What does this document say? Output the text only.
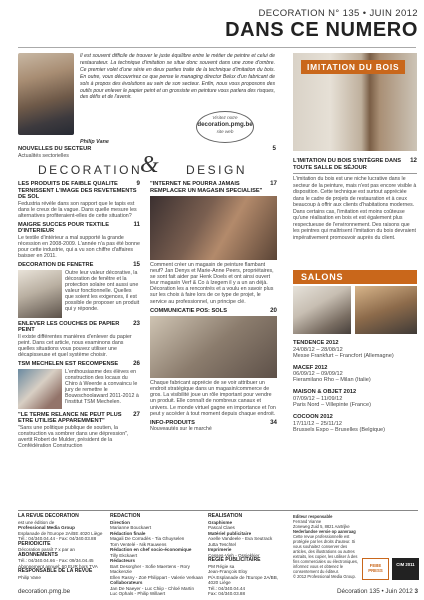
DECORATION N° 135 • JUIN 2012
DANS CE NUMERO
Il est souvent difficile de trouver le juste équilibre entre le métier de peintre et celui de restaurateur. La technique d'imitation se situe donc souvent dans une zone d'ombre. Ce premier volet d'une série en deux parties traite de la technique d'imitation du bois. En outre, vous découvrirez ce que pense le managing director Belux d'un fabricant de sols à propos des évolutions au sein de son secteur. Enfin, nous vous proposons des outils pour enlever le papier peint et un grossiste en peinture vous parlera des risques, des défis et de l'avenir.
Philip Vane
Visitez notre
decoration.pmg.be
site web
IMITATION DU BOIS
12
L'IMITATION DU BOIS S'INTÈGRE DANS TOUTE SALLE DE SÉJOUR
L'imitation du bois est une niche lucrative dans le secteur de la peinture, mais n'est pas encore visible à disposition. Cette technique est surtout appréciée dans le cadre de projets de restauration et à ceux beaucoup à offrir aux clients d'habitations modernes. Dans certains cas, l'imitation est moins coûteuse qu'une réalisation en bois et est également plus respectueuse de l'environnement. Des raisons que les peintres qui maîtrisent l'imitation du bois devraient impérativement promouvoir auprès du client.
5
NOUVELLES DU SECTEUR
Actualités sectorielles
DECORATION
& DESIGN
9
LES PRODUITS DE FAIBLE QUALITE TERNISSENT L'IMAGE DES REVETEMENTS DE SOL
Fedustria révèle dans son rapport que le tapis est dans le creux de la vague. Dans quelle mesure les alternatives profiteraient-elles de cette situation?
11
MAIGRE SUCCES POUR TEXTILE D'INTERIEUR
Le textile d'intérieur a mal supporté la grande récession en 2008-2009. L'année n'a pas été bonne pour cette industrie, qui a vu son chiffre d'affaires baisser en 2011.
15
DECORATION DE FENETRE
Outre leur valeur décorative, la décoration de fenêtre et la protection solaire ont aussi une valeur fonctionnelle. Quelles que soient les exigences, il est possible de proposer un produit qui y réponde.
23
ENLEVER LES COUCHES DE PAPIER PEINT
Il existe différentes manières d'enlever du papier peint. Dans cet article, nous examinons dans quelles situations vous pouvez utiliser une décapisseuse et quel système choisir.
26
TSM MECHELEN EST RECOMPENSE
L'enthousiasme des élèves en construction des locaux du Chiro à Weerde a convaincu le jury de remettre le Bouwschoolaward 2011-2012 à l'institut TSM Mechelen.
27
"LE TERME RELANCE NE PEUT PLUS ETRE UTILISE APPAREMMENT"
"Sans une politique publique de soutien, la construction va sombrer dans une dépression", avertit Robert de Mulder, président de la Confédération Construction
17
"INTERNET NE POURRA JAMAIS REMPLACER UN MAGASIN SPECIALISE"
Comment créer un magasin de peinture flambant neuf? Jan Denys et Marie-Anne Peers, propriétaires, se sont fait aider par Henk Doels et ont ainsi ouvert leur magasin Verf & Co à Izegem il y a un an déjà. Décoration les a rencontrés et a voulu en savoir plus sur les choix à faire lors de ce type de projet, le service au professionnel, un principe clé.
20
COMMUNICATIE POS: SOLS
Chaque fabricant apprécie de se voir attribuer un endroit stratégique dans un magasin/commerce de gros. La visibilité joue un rôle important pour vendre un produit. Elle connaît de nombreux canaux et univers. Le monde virtuel gagne en importance et l'on peut y accéder à tout moment depuis chaque endroit.
34
INFO-PRODUITS
Nouveautés sur le marché
SALONS
TENDENCE 2012
24/08/12 – 28/08/12
Messe Frankfurt – Francfort (Allemagne)
MACEF 2012
06/09/12 – 09/09/12
Fieramilano Rho – Milan (Italie)
MAISON & OBJET 2012
07/09/12 – 11/09/12
Paris Nord – Villepinte (France)
COCOON 2012
17/11/12 – 25/11/12
Brussels Expo – Bruxelles (Belgique)
LA REVUE DECORATION
est une édition de
Professional Media Group
Esplanade de l'Europe 2A/BE 4020 Liège
Tél.: 04/340.04.44 - Fax: 04/340.03.88
PERIODICITE
Décoration paraît 7 x par an
ABONNEMENTS
Tél.: 04/340.04.66 - Fax: 09/34.04.45
Abonnement annuel: 60 EUR hors TVA
RESPONSABLE DE LA REVUE
Philip Vane
REDACTION
Direction
Marianne Bouckaert
Rédaction finale
Magali De Corradès - Tia Ghuyselen
Tom Ventelé - Nik Rauwens
Rédaction en chef socio-économique
Tilly Ekckaert
Rédacteurs
Bart Desorgher - Sofie Maertens - Rory Mackenzie
Ellen Rasny - Zoë Philippart - Valerie Verkaan
Collaborateurs
Jan De Naeyer - Luc Chiip - Chloé Martin
Luc Ophals - Philip Willaert
REALISATION
Graphisme
Pascal Claes
Matériel publicitaire
Axelle Vandeele - Eva Seutrack
Jutta Teschtel
Imprimerie
Cesses-Vieh - Ossiekkier
REGIE PUBLICITAIRE
PM Régie sa
Jean-François Eloy
P/A Esplanade de l'Europe 2A/BB, 4020 Liège
Tél.: 04/340.04.44
Fax: 04/340.03.88
Editeur responsable
Ferrand Vianne
Zoneweg Zuid 5, 8821 Aartrijke
Nederlandse versie op aanvraag
Cette revue professionnelle est protégée par les droits d'auteur. Si vous souhaitez conserver des articles, des illustrations ou autres extraits, les copier, les utiliser à des fins commerciales ou électroniques, informez vous et obtenez le consentement du éditeur.
© 2012 Professional Media Group.
FEBE PRESS
CIM 2011
decoration.pmg.be	Décoration 135 • Juin 2012 3
